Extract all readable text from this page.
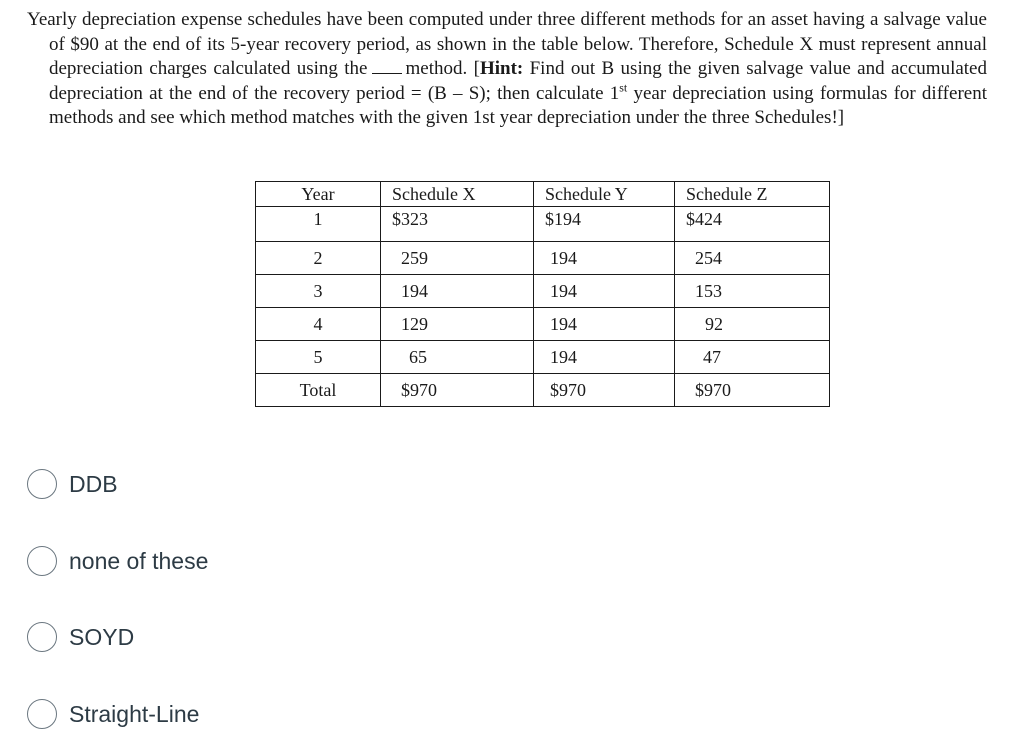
Yearly depreciation expense schedules have been computed under three different methods for an asset having a salvage value of $90 at the end of its 5-year recovery period, as shown in the table below. Therefore, Schedule X must represent annual depreciation charges calculated using the method. [Hint: Find out B using the given salvage value and accumulated depreciation at the end of the recovery period = (B – S); then calculate 1st year depreciation using formulas for different methods and see which method matches with the given 1st year depreciation under the three Schedules!]

Year	Schedule X	Schedule Y	Schedule Z
1	$323	$194	$424
2	259	194	254
3	194	194	153
4	129	194	92
5	65	194	47
Total	$970	$970	$970
DDB
none of these
SOYD
Straight-Line
